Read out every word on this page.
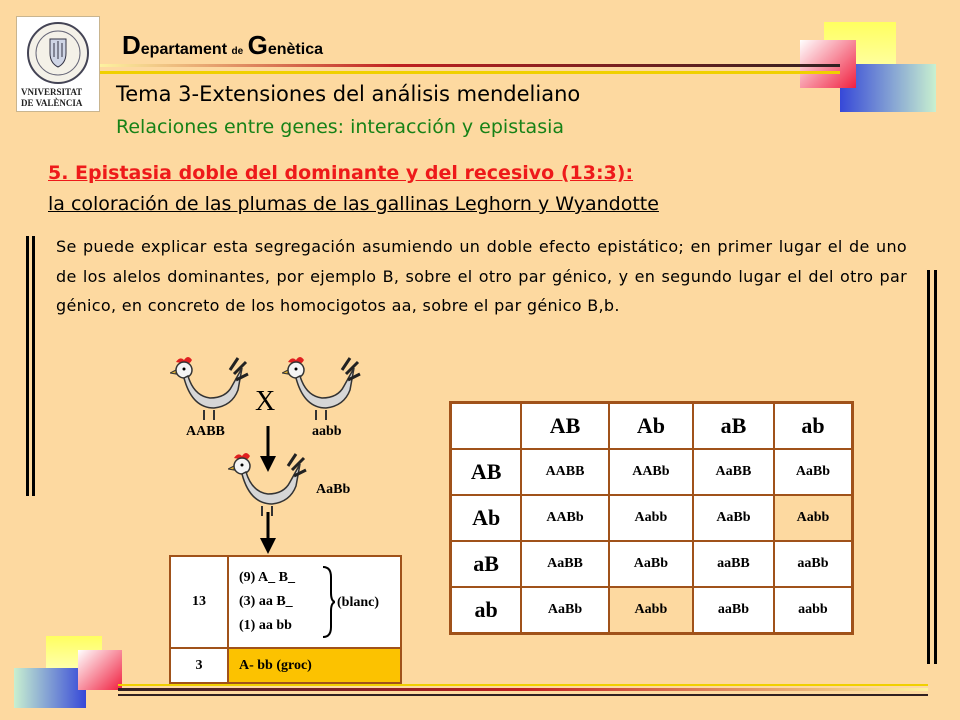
VNIVERSITAT
DE VALÈNCIA
Departament de Genètica
Tema 3-Extensiones del análisis mendeliano
Relaciones entre genes: interacción y epistasia
5. Epistasia doble del dominante y del recesivo (13:3):
la coloración de las plumas de las gallinas Leghorn y Wyandotte
Se puede explicar esta segregación asumiendo un doble efecto epistático; en primer lugar el de uno de los alelos dominantes, por ejemplo B, sobre el otro par génico, y en segundo lugar el del otro par génico, en concreto de los homocigotos aa, sobre el par génico B,b.
AABB
X
aabb
AaBb
13	(9) A_ B_
(3) aa B_
(1) aa bb
(blanc)

3	A- bb (groc)
	AB	Ab	aB	ab
AB	AABB	AABb	AaBB	AaBb
Ab	AABb	Aabb	AaBb	Aabb
aB	AaBB	AaBb	aaBB	aaBb
ab	AaBb	Aabb	aaBb	aabb
